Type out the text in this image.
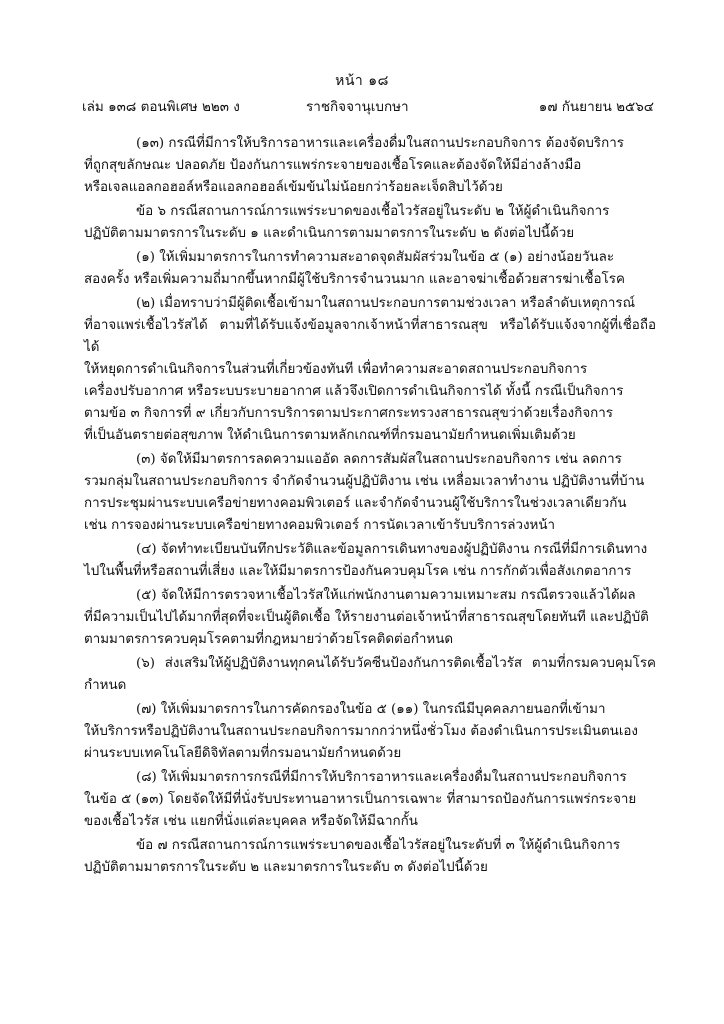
หน้า ๑๘
เล่ม ๑๓๘ ตอนพิเศษ ๒๒๓ ง	ราชกิจจานุเบกษา	๑๗ กันยายน ๒๕๖๔

(๑๓) กรณีที่มีการให้บริการอาหารและเครื่องดื่มในสถานประกอบกิจการ ต้องจัดบริการ
ที่ถูกสุขลักษณะ ปลอดภัย ป้องกันการแพร่กระจายของเชื้อโรคและต้องจัดให้มีอ่างล้างมือ
หรือเจลแอลกอฮอล์หรือแอลกอฮอล์เข้มข้นไม่น้อยกว่าร้อยละเจ็ดสิบไว้ด้วย

ข้อ ๖ กรณีสถานการณ์การแพร่ระบาดของเชื้อไวรัสอยู่ในระดับ ๒ ให้ผู้ดำเนินกิจการ
ปฏิบัติตามมาตรการในระดับ ๑ และดำเนินการตามมาตรการในระดับ ๒ ดังต่อไปนี้ด้วย

(๑) ให้เพิ่มมาตรการในการทำความสะอาดจุดสัมผัสร่วมในข้อ ๕ (๑) อย่างน้อยวันละ
สองครั้ง หรือเพิ่มความถี่มากขึ้นหากมีผู้ใช้บริการจำนวนมาก และอาจฆ่าเชื้อด้วยสารฆ่าเชื้อโรค

(๒) เมื่อทราบว่ามีผู้ติดเชื้อเข้ามาในสถานประกอบการตามช่วงเวลา หรือลำดับเหตุการณ์
ที่อาจแพร่เชื้อไวรัสได้ ตามที่ได้รับแจ้งข้อมูลจากเจ้าหน้าที่สาธารณสุข หรือได้รับแจ้งจากผู้ที่เชื่อถือได้
ให้หยุดการดำเนินกิจการในส่วนที่เกี่ยวข้องทันที เพื่อทำความสะอาดสถานประกอบกิจการ
เครื่องปรับอากาศ หรือระบบระบายอากาศ แล้วจึงเปิดการดำเนินกิจการได้ ทั้งนี้ กรณีเป็นกิจการ
ตามข้อ ๓ กิจการที่ ๙ เกี่ยวกับการบริการตามประกาศกระทรวงสาธารณสุขว่าด้วยเรื่องกิจการ
ที่เป็นอันตรายต่อสุขภาพ ให้ดำเนินการตามหลักเกณฑ์ที่กรมอนามัยกำหนดเพิ่มเติมด้วย

(๓) จัดให้มีมาตรการลดความแออัด ลดการสัมผัสในสถานประกอบกิจการ เช่น ลดการ
รวมกลุ่มในสถานประกอบกิจการ จำกัดจำนวนผู้ปฏิบัติงาน เช่น เหลื่อมเวลาทำงาน ปฏิบัติงานที่บ้าน
การประชุมผ่านระบบเครือข่ายทางคอมพิวเตอร์ และจำกัดจำนวนผู้ใช้บริการในช่วงเวลาเดียวกัน
เช่น การจองผ่านระบบเครือข่ายทางคอมพิวเตอร์ การนัดเวลาเข้ารับบริการล่วงหน้า

(๔) จัดทำทะเบียนบันทึกประวัติและข้อมูลการเดินทางของผู้ปฏิบัติงาน กรณีที่มีการเดินทาง
ไปในพื้นที่หรือสถานที่เสี่ยง และให้มีมาตรการป้องกันควบคุมโรค เช่น การกักตัวเพื่อสังเกตอาการ

(๕) จัดให้มีการตรวจหาเชื้อไวรัสให้แก่พนักงานตามความเหมาะสม กรณีตรวจแล้วได้ผล
ที่มีความเป็นไปได้มากที่สุดที่จะเป็นผู้ติดเชื้อ ให้รายงานต่อเจ้าหน้าที่สาธารณสุขโดยทันที และปฏิบัติ
ตามมาตรการควบคุมโรคตามที่กฎหมายว่าด้วยโรคติดต่อกำหนด

(๖) ส่งเสริมให้ผู้ปฏิบัติงานทุกคนได้รับวัคซีนป้องกันการติดเชื้อไวรัส ตามที่กรมควบคุมโรคกำหนด

(๗) ให้เพิ่มมาตรการในการคัดกรองในข้อ ๕ (๑๑) ในกรณีมีบุคคลภายนอกที่เข้ามา
ให้บริการหรือปฏิบัติงานในสถานประกอบกิจการมากกว่าหนึ่งชั่วโมง ต้องดำเนินการประเมินตนเอง
ผ่านระบบเทคโนโลยีดิจิทัลตามที่กรมอนามัยกำหนดด้วย

(๘) ให้เพิ่มมาตรการกรณีที่มีการให้บริการอาหารและเครื่องดื่มในสถานประกอบกิจการ
ในข้อ ๕ (๑๓) โดยจัดให้มีที่นั่งรับประทานอาหารเป็นการเฉพาะ ที่สามารถป้องกันการแพร่กระจาย
ของเชื้อไวรัส เช่น แยกที่นั่งแต่ละบุคคล หรือจัดให้มีฉากกั้น

ข้อ ๗ กรณีสถานการณ์การแพร่ระบาดของเชื้อไวรัสอยู่ในระดับที่ ๓ ให้ผู้ดำเนินกิจการ
ปฏิบัติตามมาตรการในระดับ ๒ และมาตรการในระดับ ๓ ดังต่อไปนี้ด้วย
